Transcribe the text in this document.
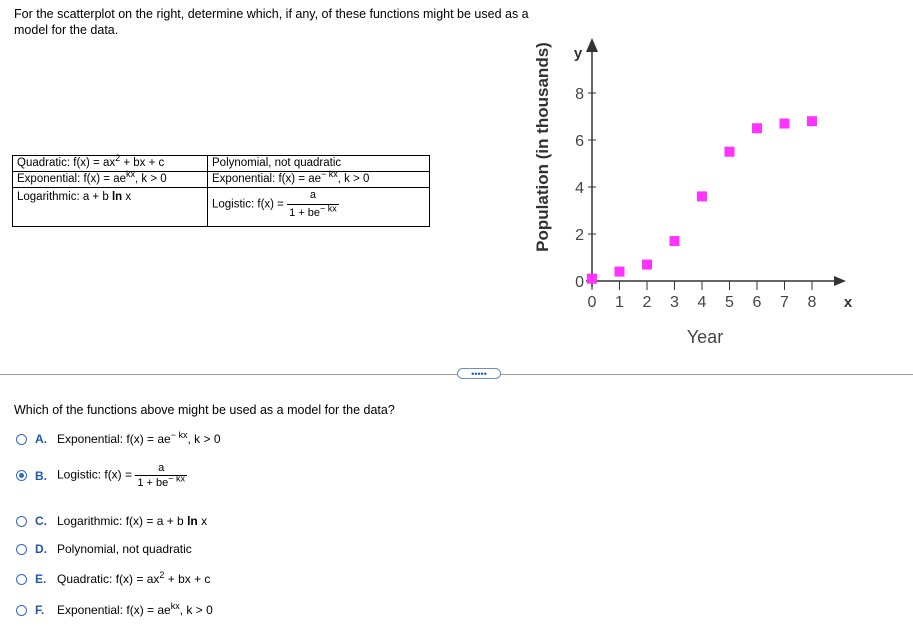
For the scatterplot on the right, determine which, if any, of these functions might be used as a model for the data.
Quadratic: $f(x) = ax^2$ + bx + c	Polynomial, not quadratic
Exponential: $f(x) = ae^{kx}$, k > 0	Exponential: $f(x) = ae^{- kx}$, k > 0
Logarithmic: a + b ln x	Logistic: $f(x) = \frac{a}{1 + be^{- kx}}$
0 1 2 3 4 5 6 7 8
0
2
4
6
8
x
y
Year
Population (in thousands)
•••••
Which of the functions above might be used as a model for the data?
A. Exponential: $f(x) = ae^{- kx}$, k > 0
B. Logistic: $f(x) = \frac{a}{1 + be^{- kx}}$
C. Logarithmic: f(x) = a + b ln x
D. Polynomial, not quadratic
E. Quadratic: $f(x) = ax^2$ + bx + c
F.	Exponential: $f(x) = ae^{kx}$, k > 0
